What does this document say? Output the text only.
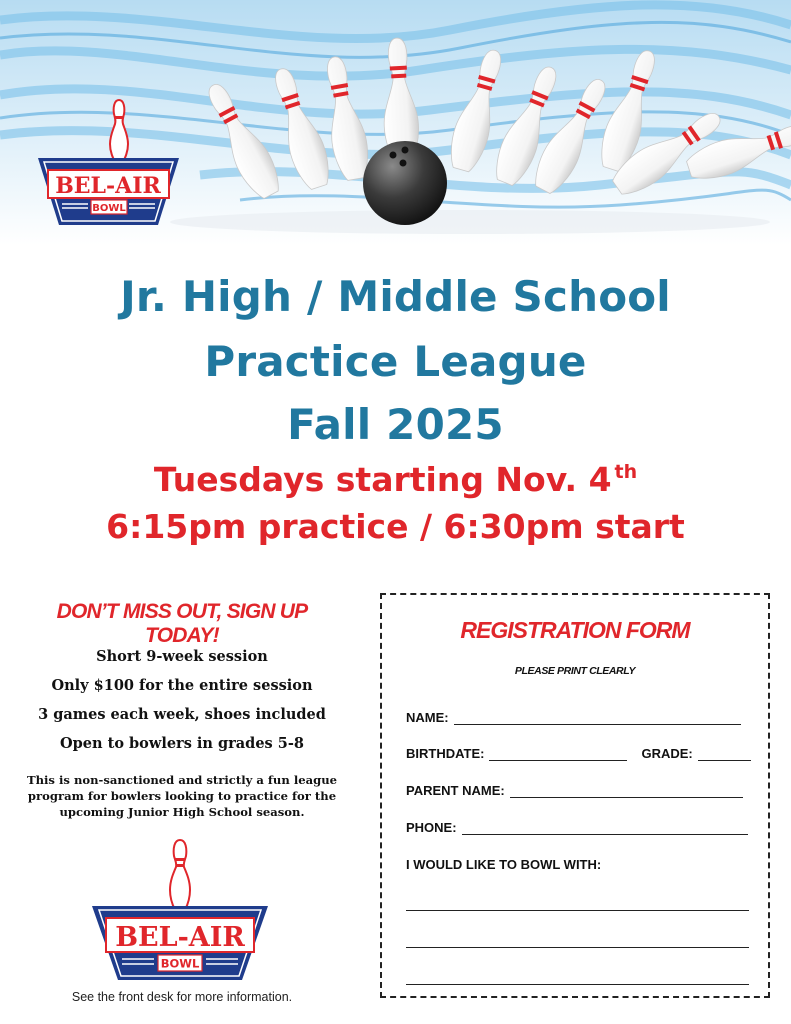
BEL-AIR
BOWL
Jr. High / Middle School
Practice League
Fall 2025
Tuesdays starting Nov. 4 $^{th}$
6:15pm practice / 6:30pm start
DON’T MISS OUT, SIGN UP TODAY!
Short 9-week session
Only $100 for the entire session
3 games each week, shoes included
Open to bowlers in grades 5-8
This is non-sanctioned and strictly a fun league program for bowlers looking to practice for the upcoming Junior High School season.
BEL-AIR
BOWL
See the front desk for more information.
REGISTRATION FORM
PLEASE PRINT CLEARLY
NAME:
BIRTHDATE:	GRADE:
PARENT NAME:
PHONE:
I WOULD LIKE TO BOWL WITH:
